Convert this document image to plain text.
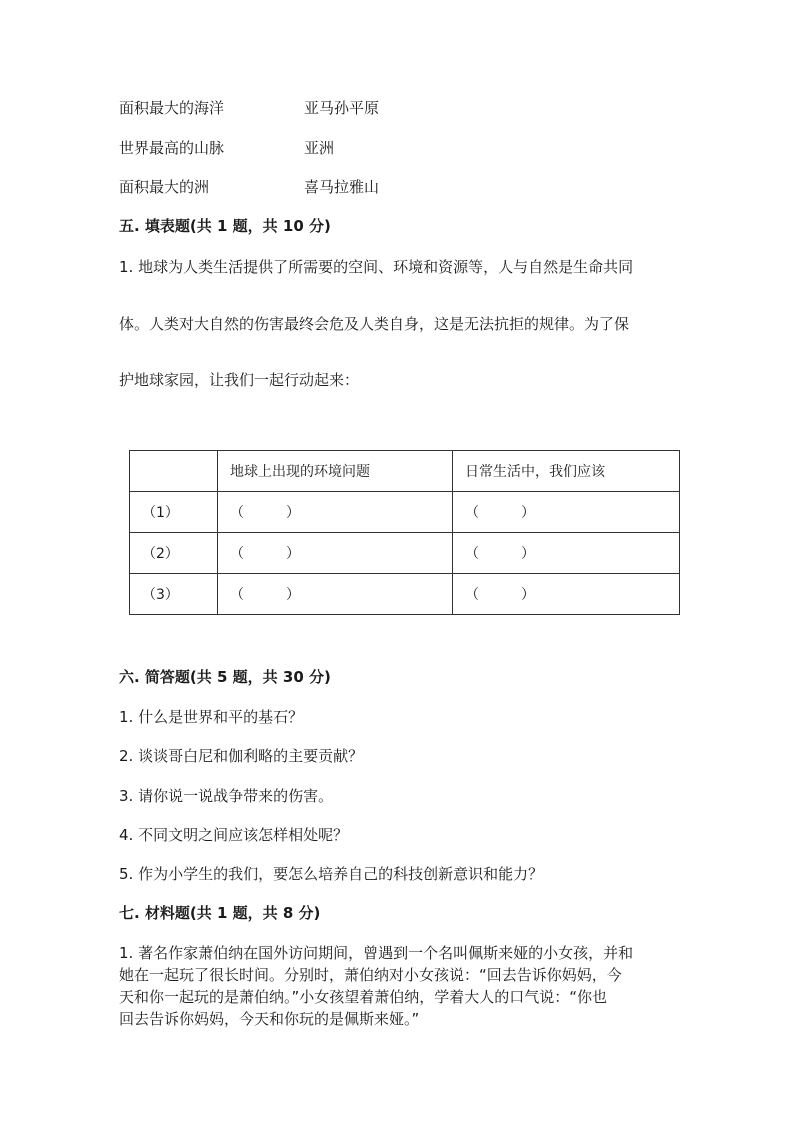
面积最大的海洋	亚马孙平原
世界最高的山脉	亚洲
面积最大的洲	喜马拉雅山
五. 填表题(共 1 题，共 10 分)
1. 地球为人类生活提供了所需要的空间、环境和资源等，人与自然是生命共同
体。人类对大自然的伤害最终会危及人类自身，这是无法抗拒的规律。为了保
护地球家园，让我们一起行动起来：
	地球上出现的环境问题	日常生活中，我们应该
（1）	（　　　）	（　　　）
（2）	（　　　）	（　　　）
（3）	（　　　）	（　　　）
六. 简答题(共 5 题，共 30 分)
1. 什么是世界和平的基石？
2. 谈谈哥白尼和伽利略的主要贡献？
3. 请你说一说战争带来的伤害。
4. 不同文明之间应该怎样相处呢？
5. 作为小学生的我们，要怎么培养自己的科技创新意识和能力？
七. 材料题(共 1 题，共 8 分)
1. 著名作家萧伯纳在国外访问期间，曾遇到一个名叫佩斯来娅的小女孩，并和
她在一起玩了很长时间。分别时，萧伯纳对小女孩说：“回去告诉你妈妈，今
天和你一起玩的是萧伯纳。”小女孩望着萧伯纳，学着大人的口气说：“你也
回去告诉你妈妈，今天和你玩的是佩斯来娅。”
